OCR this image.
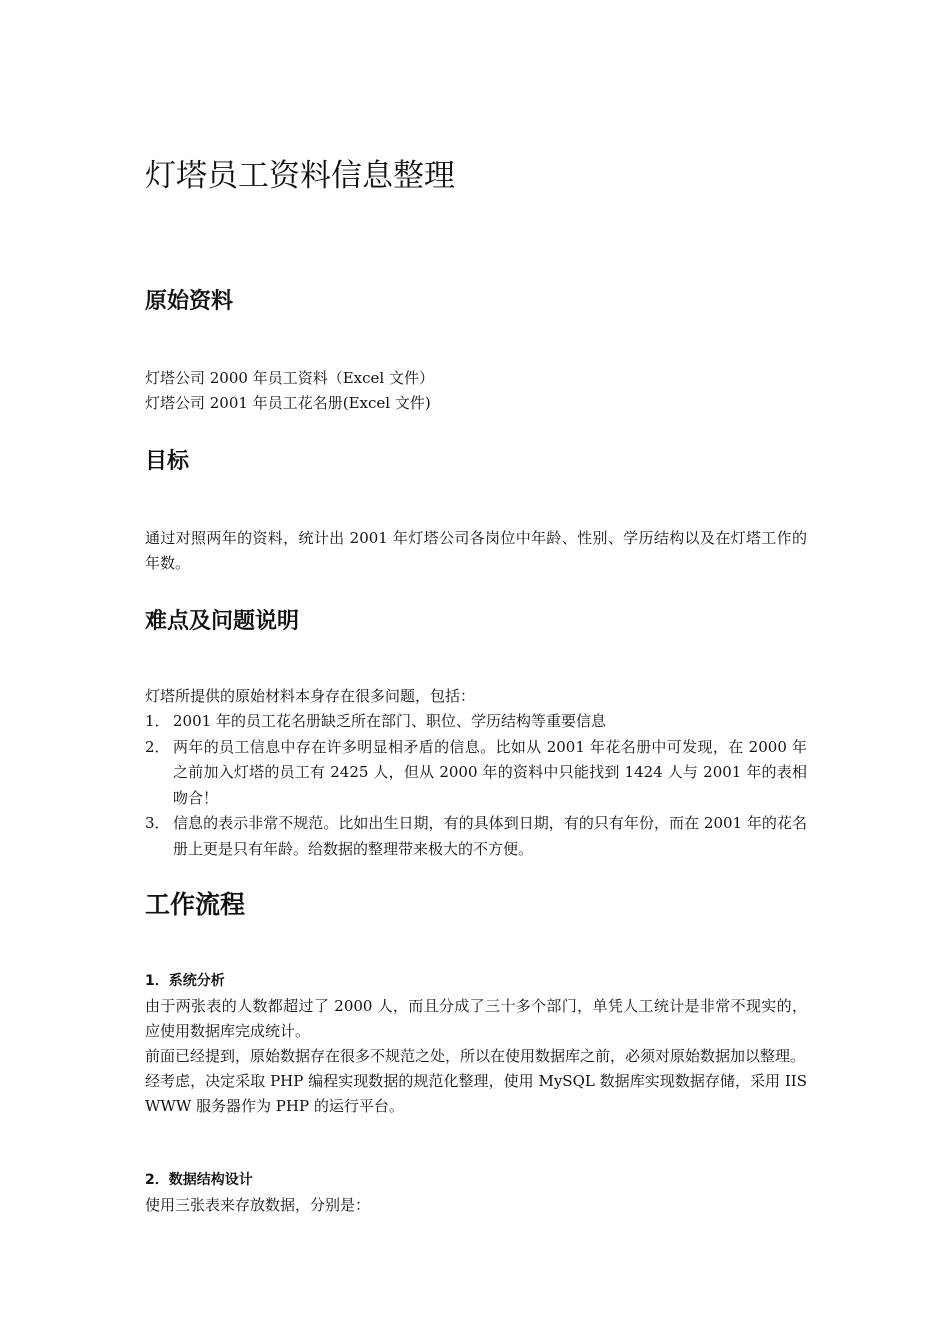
灯塔员工资料信息整理
原始资料

灯塔公司 2000 年员工资料（Excel 文件）
灯塔公司 2001 年员工花名册(Excel 文件)

目标

通过对照两年的资料，统计出 2001 年灯塔公司各岗位中年龄、性别、学历结构以及在灯塔工作的年数。

难点及问题说明

灯塔所提供的原始材料本身存在很多问题，包括：

1． 2001 年的员工花名册缺乏所在部门、职位、学历结构等重要信息
2． 两年的员工信息中存在许多明显相矛盾的信息。比如从 2001 年花名册中可发现，在 2000 年之前加入灯塔的员工有 2425 人，但从 2000 年的资料中只能找到 1424 人与 2001 年的表相吻合！
3． 信息的表示非常不规范。比如出生日期，有的具体到日期，有的只有年份，而在 2001 年的花名册上更是只有年龄。给数据的整理带来极大的不方便。
工作流程
1．系统分析

由于两张表的人数都超过了 2000 人，而且分成了三十多个部门，单凭人工统计是非常不现实的，应使用数据库完成统计。
前面已经提到，原始数据存在很多不规范之处，所以在使用数据库之前，必须对原始数据加以整理。
经考虑，决定采取 PHP 编程实现数据的规范化整理，使用 MySQL 数据库实现数据存储，采用 IIS WWW 服务器作为 PHP 的运行平台。

2．数据结构设计

使用三张表来存放数据，分别是：
